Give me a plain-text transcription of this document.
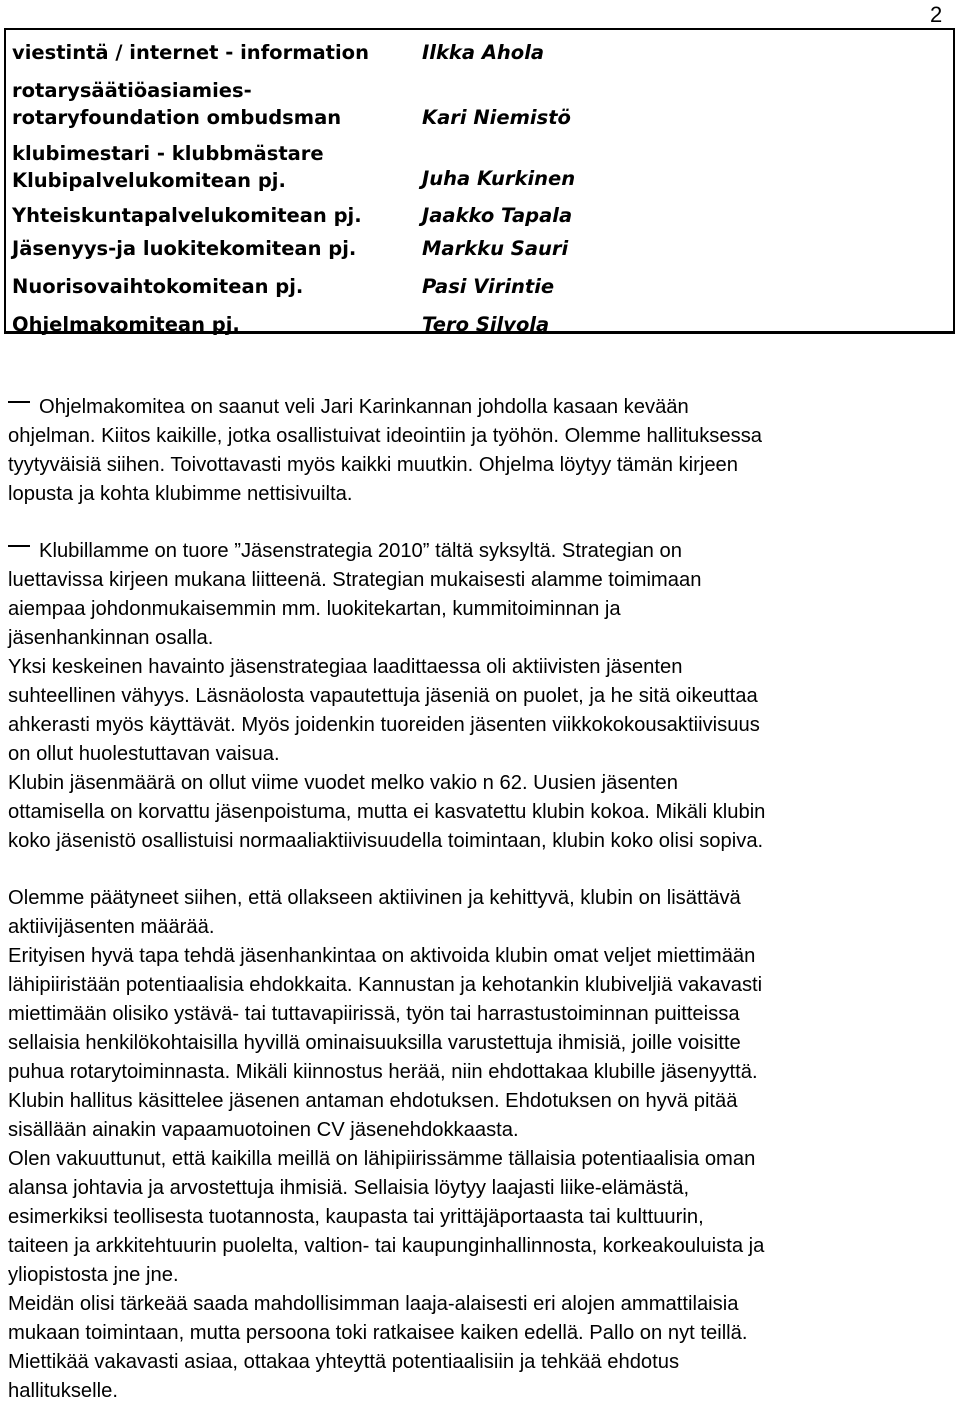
2
viestintä / internet - information	Ilkka Ahola
rotarysäätiöasiamies-
rotaryfoundation ombudsman	Kari Niemistö
klubimestari - klubbmästare
Klubipalvelukomitean pj.	Juha Kurkinen
Yhteiskuntapalvelukomitean pj.	Jaakko Tapala
Jäsenyys-ja luokitekomitean pj.	Markku Sauri
Nuorisovaihtokomitean pj.	Pasi Virintie
Ohjelmakomitean pj.	Tero Silvola
Ohjelmakomitea on saanut veli Jari Karinkannan johdolla kasaan kevään
ohjelman. Kiitos kaikille, jotka osallistuivat ideointiin ja työhön. Olemme hallituksessa
tyytyväisiä siihen. Toivottavasti myös kaikki muutkin. Ohjelma löytyy tämän kirjeen
lopusta ja kohta klubimme nettisivuilta.
Klubillamme on tuore ”Jäsenstrategia 2010” tältä syksyltä. Strategian on
luettavissa kirjeen mukana liitteenä. Strategian mukaisesti alamme toimimaan
aiempaa johdonmukaisemmin mm. luokitekartan, kummitoiminnan ja
jäsenhankinnan osalla.
Yksi keskeinen havainto jäsenstrategiaa laadittaessa oli aktiivisten jäsenten
suhteellinen vähyys. Läsnäolosta vapautettuja jäseniä on puolet, ja he sitä oikeuttaa
ahkerasti myös käyttävät. Myös joidenkin tuoreiden jäsenten viikkokokousaktiivisuus
on ollut huolestuttavan vaisua.
Klubin jäsenmäärä on ollut viime vuodet melko vakio n 62. Uusien jäsenten
ottamisella on korvattu jäsenpoistuma, mutta ei kasvatettu klubin kokoa. Mikäli klubin
koko jäsenistö osallistuisi normaaliaktiivisuudella toimintaan, klubin koko olisi sopiva.
Olemme päätyneet siihen, että ollakseen aktiivinen ja kehittyvä, klubin on lisättävä
aktiivijäsenten määrää.
Erityisen hyvä tapa tehdä jäsenhankintaa on aktivoida klubin omat veljet miettimään
lähipiiristään potentiaalisia ehdokkaita. Kannustan ja kehotankin klubiveljiä vakavasti
miettimään olisiko ystävä- tai tuttavapiirissä, työn tai harrastustoiminnan puitteissa
sellaisia henkilökohtaisilla hyvillä ominaisuuksilla varustettuja ihmisiä, joille voisitte
puhua rotarytoiminnasta. Mikäli kiinnostus herää, niin ehdottakaa klubille jäsenyyttä.
Klubin hallitus käsittelee jäsenen antaman ehdotuksen. Ehdotuksen on hyvä pitää
sisällään ainakin vapaamuotoinen CV jäsenehdokkaasta.
Olen vakuuttunut, että kaikilla meillä on lähipiirissämme tällaisia potentiaalisia oman
alansa johtavia ja arvostettuja ihmisiä. Sellaisia löytyy laajasti liike-elämästä,
esimerkiksi teollisesta tuotannosta, kaupasta tai yrittäjäportaasta tai kulttuurin,
taiteen ja arkkitehtuurin puolelta, valtion- tai kaupunginhallinnosta, korkeakouluista ja
yliopistosta jne jne.
Meidän olisi tärkeää saada mahdollisimman laaja-alaisesti eri alojen ammattilaisia
mukaan toimintaan, mutta persoona toki ratkaisee kaiken edellä. Pallo on nyt teillä.
Miettikää vakavasti asiaa, ottakaa yhteyttä potentiaalisiin ja tehkää ehdotus
hallitukselle.
